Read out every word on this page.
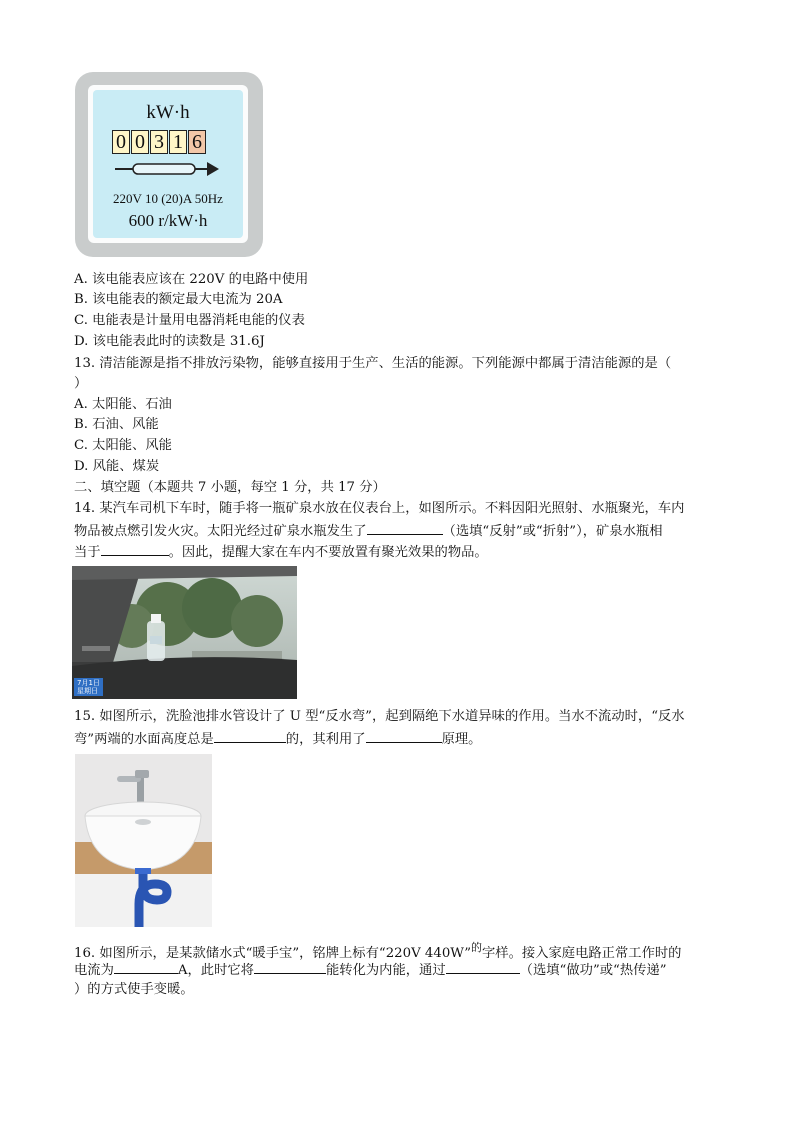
kW·h
0 0 3 1 6
220V 10 (20)A 50Hz
600 r/kW·h
A. 该电能表应该在 220V 的电路中使用
B. 该电能表的额定最大电流为 20A
C. 电能表是计量用电器消耗电能的仪表
D. 该电能表此时的读数是 31.6J
13. 清洁能源是指不排放污染物，能够直接用于生产、生活的能源。下列能源中都属于清洁能源的是（
）
A. 太阳能、石油
B. 石油、风能
C. 太阳能、风能
D. 风能、煤炭
二、填空题（本题共 7 小题，每空 1 分，共 17 分）
14. 某汽车司机下车时，随手将一瓶矿泉水放在仪表台上，如图所示。不料因阳光照射、水瓶聚光，车内
物品被点燃引发火灾。太阳光经过矿泉水瓶发生了	（选填“反射”或“折射”），矿泉水瓶相
当于	。因此，提醒大家在车内不要放置有聚光效果的物品。
7月1日
星期日
15. 如图所示，洗脸池排水管设计了 U 型“反水弯”，起到隔绝下水道异味的作用。当水不流动时，“反水
弯”两端的水面高度总是	的，其利用了	原理。
16. 如图所示，是某款储水式“暖手宝”，铭牌上标有“220V 440W”$^的$字样。接入家庭电路正常工作时的
电流为	A，此时它将	能转化为内能，通过	（选填“做功”或“热传递”
）的方式使手变暖。
